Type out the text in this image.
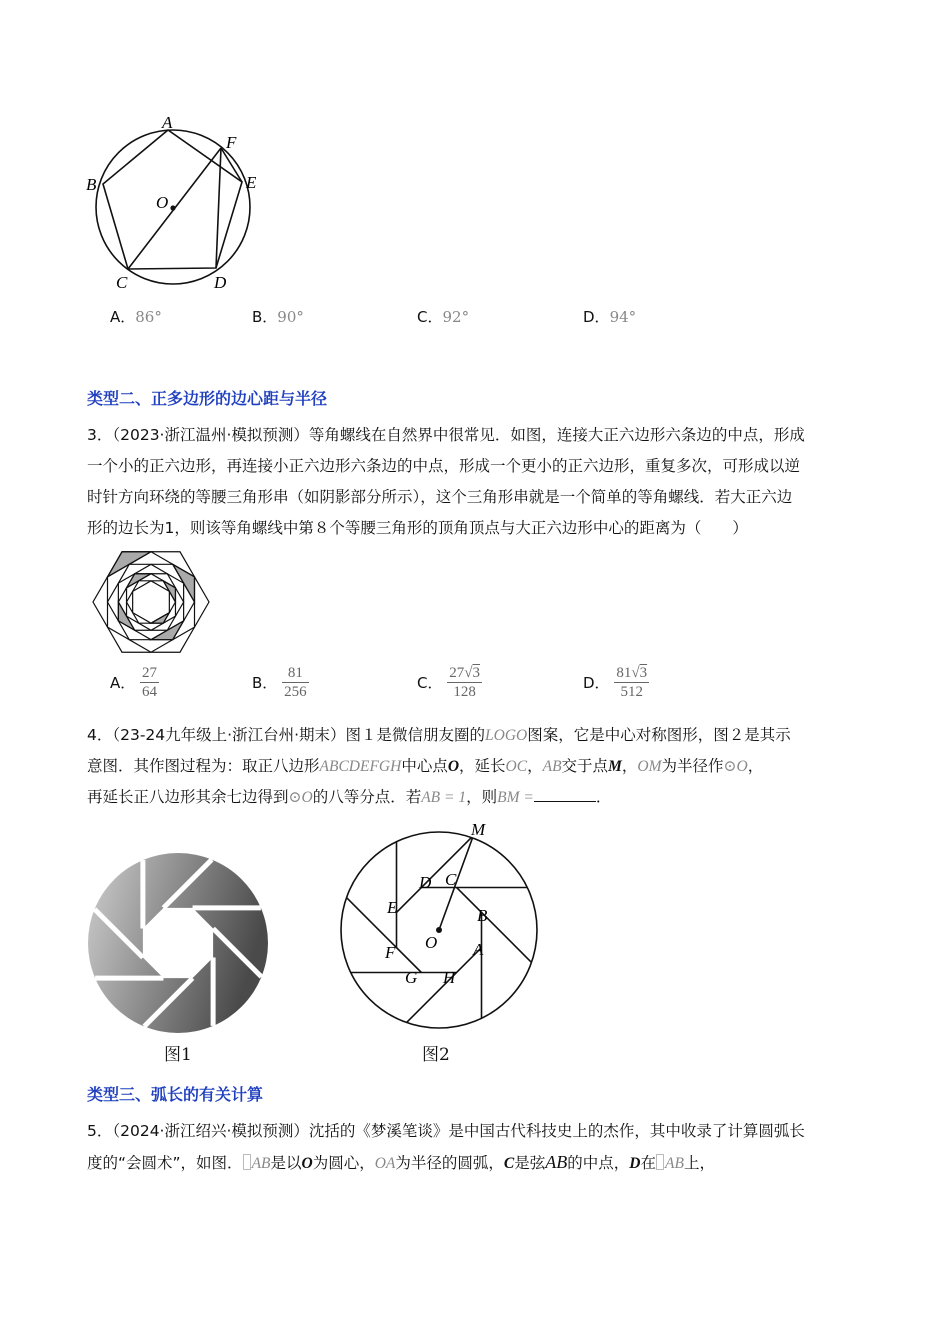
A
B
C	D
E
F
O
A．86°	B．90°	C．92°	D．94°
类型二、正多边形的边心距与半径
3．（2023·浙江温州·模拟预测）等角螺线在自然界中很常见．如图，连接大正六边形六条边的中点，形成
一个小的正六边形，再连接小正六边形六条边的中点，形成一个更小的正六边形，重复多次，可形成以逆
时针方向环绕的等腰三角形串（如阴影部分所示），这个三角形串就是一个简单的等角螺线．若大正六边
形的边长为1，则该等角螺线中第８个等腰三角形的顶角顶点与大正六边形中心的距离为（　　）
A． $\frac{27}{64}$	B． $\frac{81}{256}$	C． $\frac{27√3}{128}$	D． $\frac{81√3}{512}$
4．（23-24九年级上·浙江台州·期末）图１是微信朋友圈的LOGO图案，它是中心对称图形，图２是其示
意图．其作图过程为：取正八边形ABCDEFGH中心点O，延长OC，AB交于点M，OM为半径作⊙O，
再延长正八边形其余七边得到⊙O的八等分点．若AB = 1，则BM =	．
图1
M
C
D
E	B
O A
F
G H
图2
类型三、弧长的有关计算
5．（2024·浙江绍兴·模拟预测）沈括的《梦溪笔谈》是中国古代科技史上的杰作，其中收录了计算圆弧长
度的“会圆术”，如图． AB是以O为圆心，OA为半径的圆弧，C是弦AB的中点，D在 AB上，
